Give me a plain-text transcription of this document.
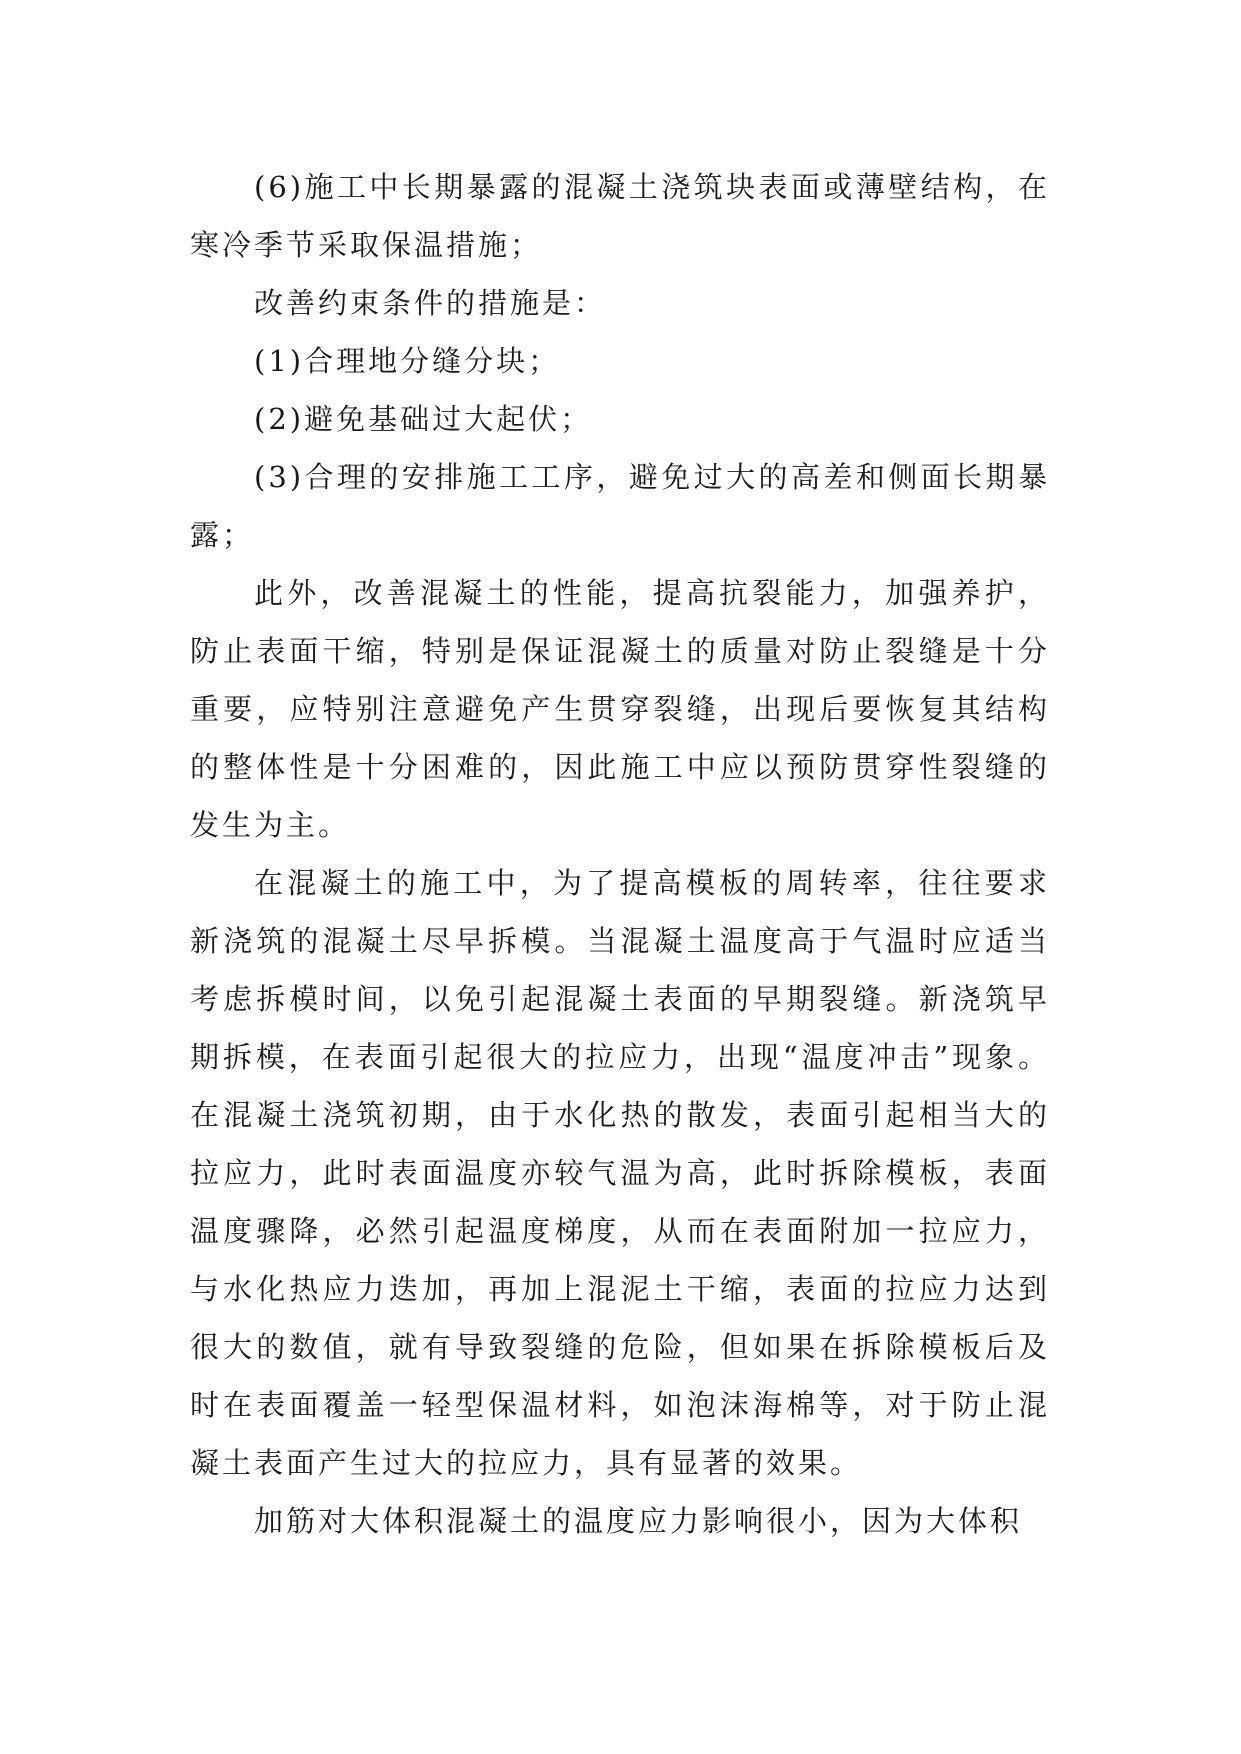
(6)施工中长期暴露的混凝土浇筑块表面或薄壁结构，在寒冷季节采取保温措施；

改善约束条件的措施是：

(1)合理地分缝分块；

(2)避免基础过大起伏；

(3)合理的安排施工工序，避免过大的高差和侧面长期暴露；

此外，改善混凝土的性能，提高抗裂能力，加强养护，防止表面干缩，特别是保证混凝土的质量对防止裂缝是十分重要，应特别注意避免产生贯穿裂缝，出现后要恢复其结构的整体性是十分困难的，因此施工中应以预防贯穿性裂缝的发生为主。

在混凝土的施工中，为了提高模板的周转率，往往要求新浇筑的混凝土尽早拆模。当混凝土温度高于气温时应适当考虑拆模时间，以免引起混凝土表面的早期裂缝。新浇筑早期拆模，在表面引起很大的拉应力，出现“温度冲击”现象。在混凝土浇筑初期，由于水化热的散发，表面引起相当大的拉应力，此时表面温度亦较气温为高，此时拆除模板，表面温度骤降，必然引起温度梯度，从而在表面附加一拉应力，与水化热应力迭加，再加上混泥土干缩，表面的拉应力达到很大的数值，就有导致裂缝的危险，但如果在拆除模板后及时在表面覆盖一轻型保温材料，如泡沫海棉等，对于防止混凝土表面产生过大的拉应力，具有显著的效果。

加筋对大体积混凝土的温度应力影响很小，因为大体积
